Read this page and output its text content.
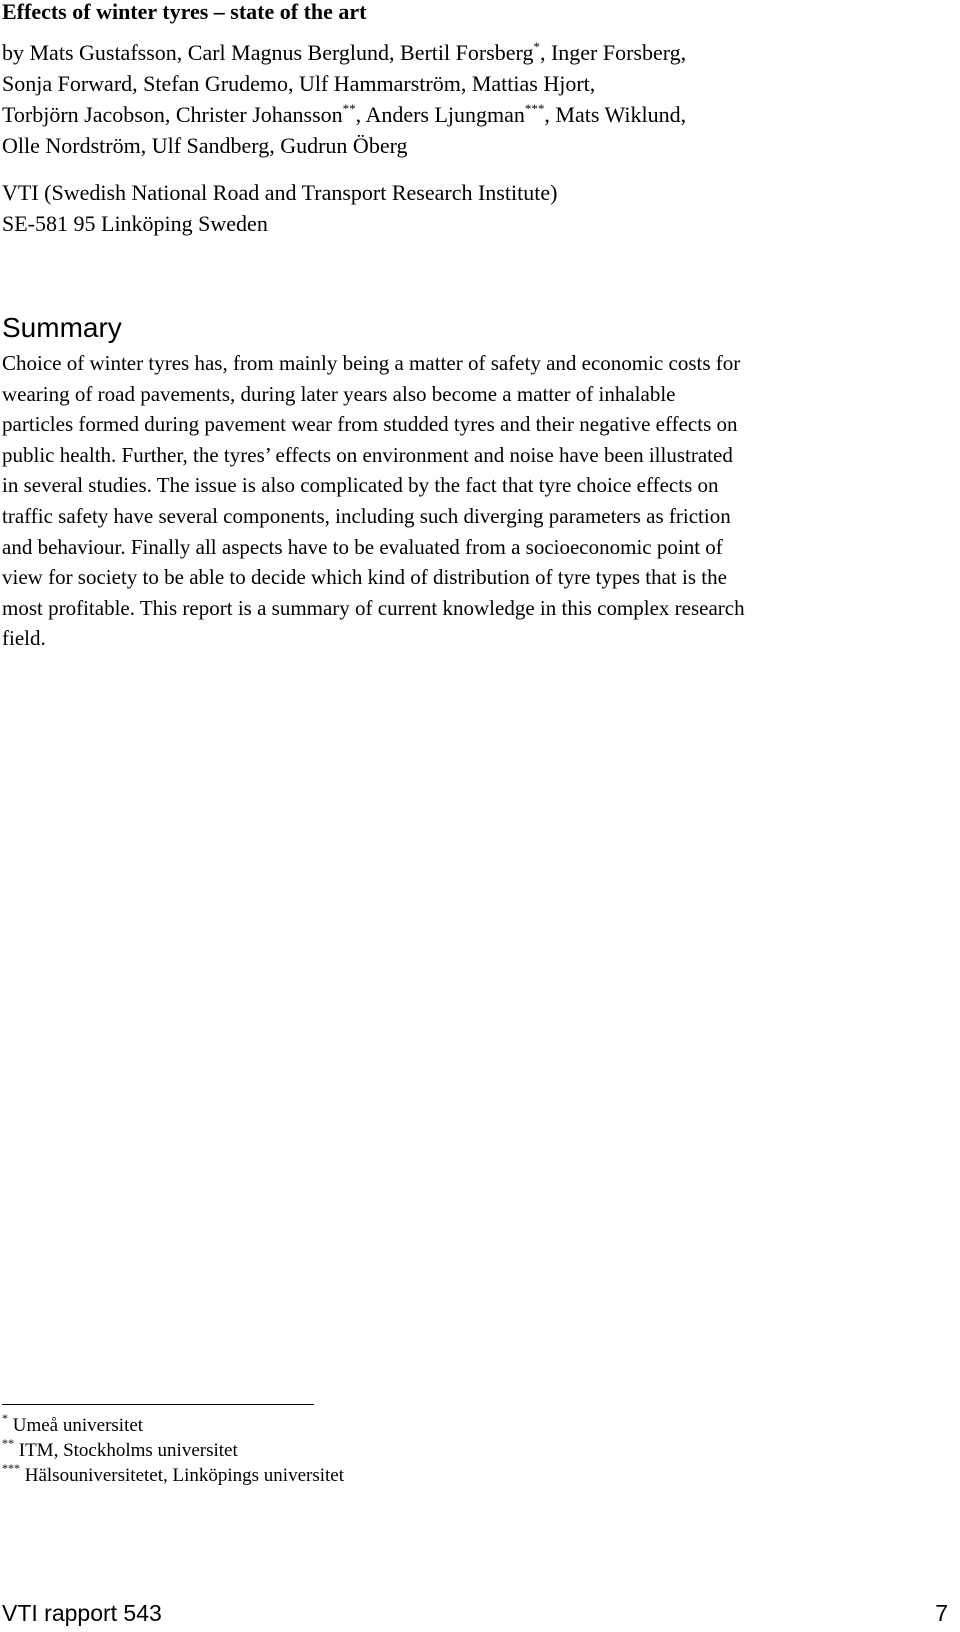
Effects of winter tyres – state of the art
by Mats Gustafsson, Carl Magnus Berglund, Bertil Forsberg*, Inger Forsberg,
Sonja Forward, Stefan Grudemo, Ulf Hammarström, Mattias Hjort,
Torbjörn Jacobson, Christer Johansson**, Anders Ljungman***, Mats Wiklund,
Olle Nordström, Ulf Sandberg, Gudrun Öberg
VTI (Swedish National Road and Transport Research Institute)
SE-581 95 Linköping Sweden
Summary
Choice of winter tyres has, from mainly being a matter of safety and economic costs for
wearing of road pavements, during later years also become a matter of inhalable
particles formed during pavement wear from studded tyres and their negative effects on
public health. Further, the tyres’ effects on environment and noise have been illustrated
in several studies. The issue is also complicated by the fact that tyre choice effects on
traffic safety have several components, including such diverging parameters as friction
and behaviour. Finally all aspects have to be evaluated from a socioeconomic point of
view for society to be able to decide which kind of distribution of tyre types that is the
most profitable. This report is a summary of current knowledge in this complex research
field.
* Umeå universitet
** ITM, Stockholms universitet
*** Hälsouniversitetet, Linköpings universitet
VTI rapport 543	7
